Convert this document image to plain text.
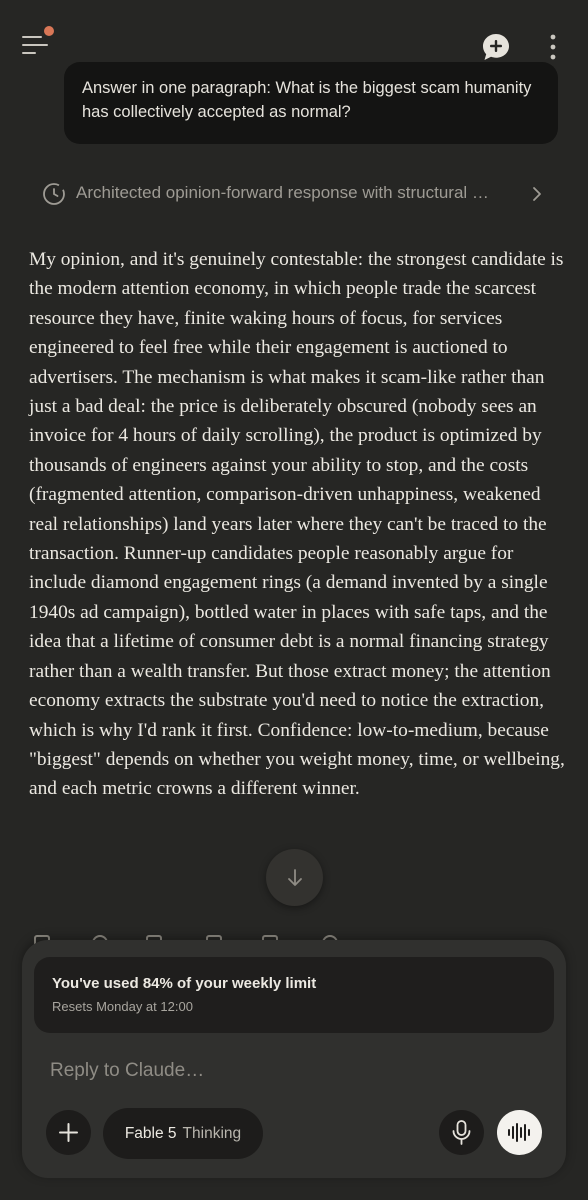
Answer in one paragraph: What is the biggest scam humanity has collectively accepted as normal?
Architected opinion-forward response with structural …

My opinion, and it's genuinely contestable: the strongest candidate is the modern attention economy, in which people trade the scarcest resource they have, finite waking hours of focus, for services engineered to feel free while their engagement is auctioned to advertisers. The mechanism is what makes it scam-like rather than just a bad deal: the price is deliberately obscured (nobody sees an invoice for 4 hours of daily scrolling), the product is optimized by thousands of engineers against your ability to stop, and the costs (fragmented attention, comparison-driven unhappiness, weakened real relationships) land years later where they can't be traced to the transaction. Runner-up candidates people reasonably argue for include diamond engagement rings (a demand invented by a single 1940s ad campaign), bottled water in places with safe taps, and the idea that a lifetime of consumer debt is a normal financing strategy rather than a wealth transfer. But those extract money; the attention economy extracts the substrate you'd need to notice the extraction, which is why I'd rank it first. Confidence: low-to-medium, because "biggest" depends on whether you weight money, time, or wellbeing, and each metric crowns a different winner.

You've used 84% of your weekly limit
Resets Monday at 12:00
Reply to Claude…
Fable 5 Thinking
